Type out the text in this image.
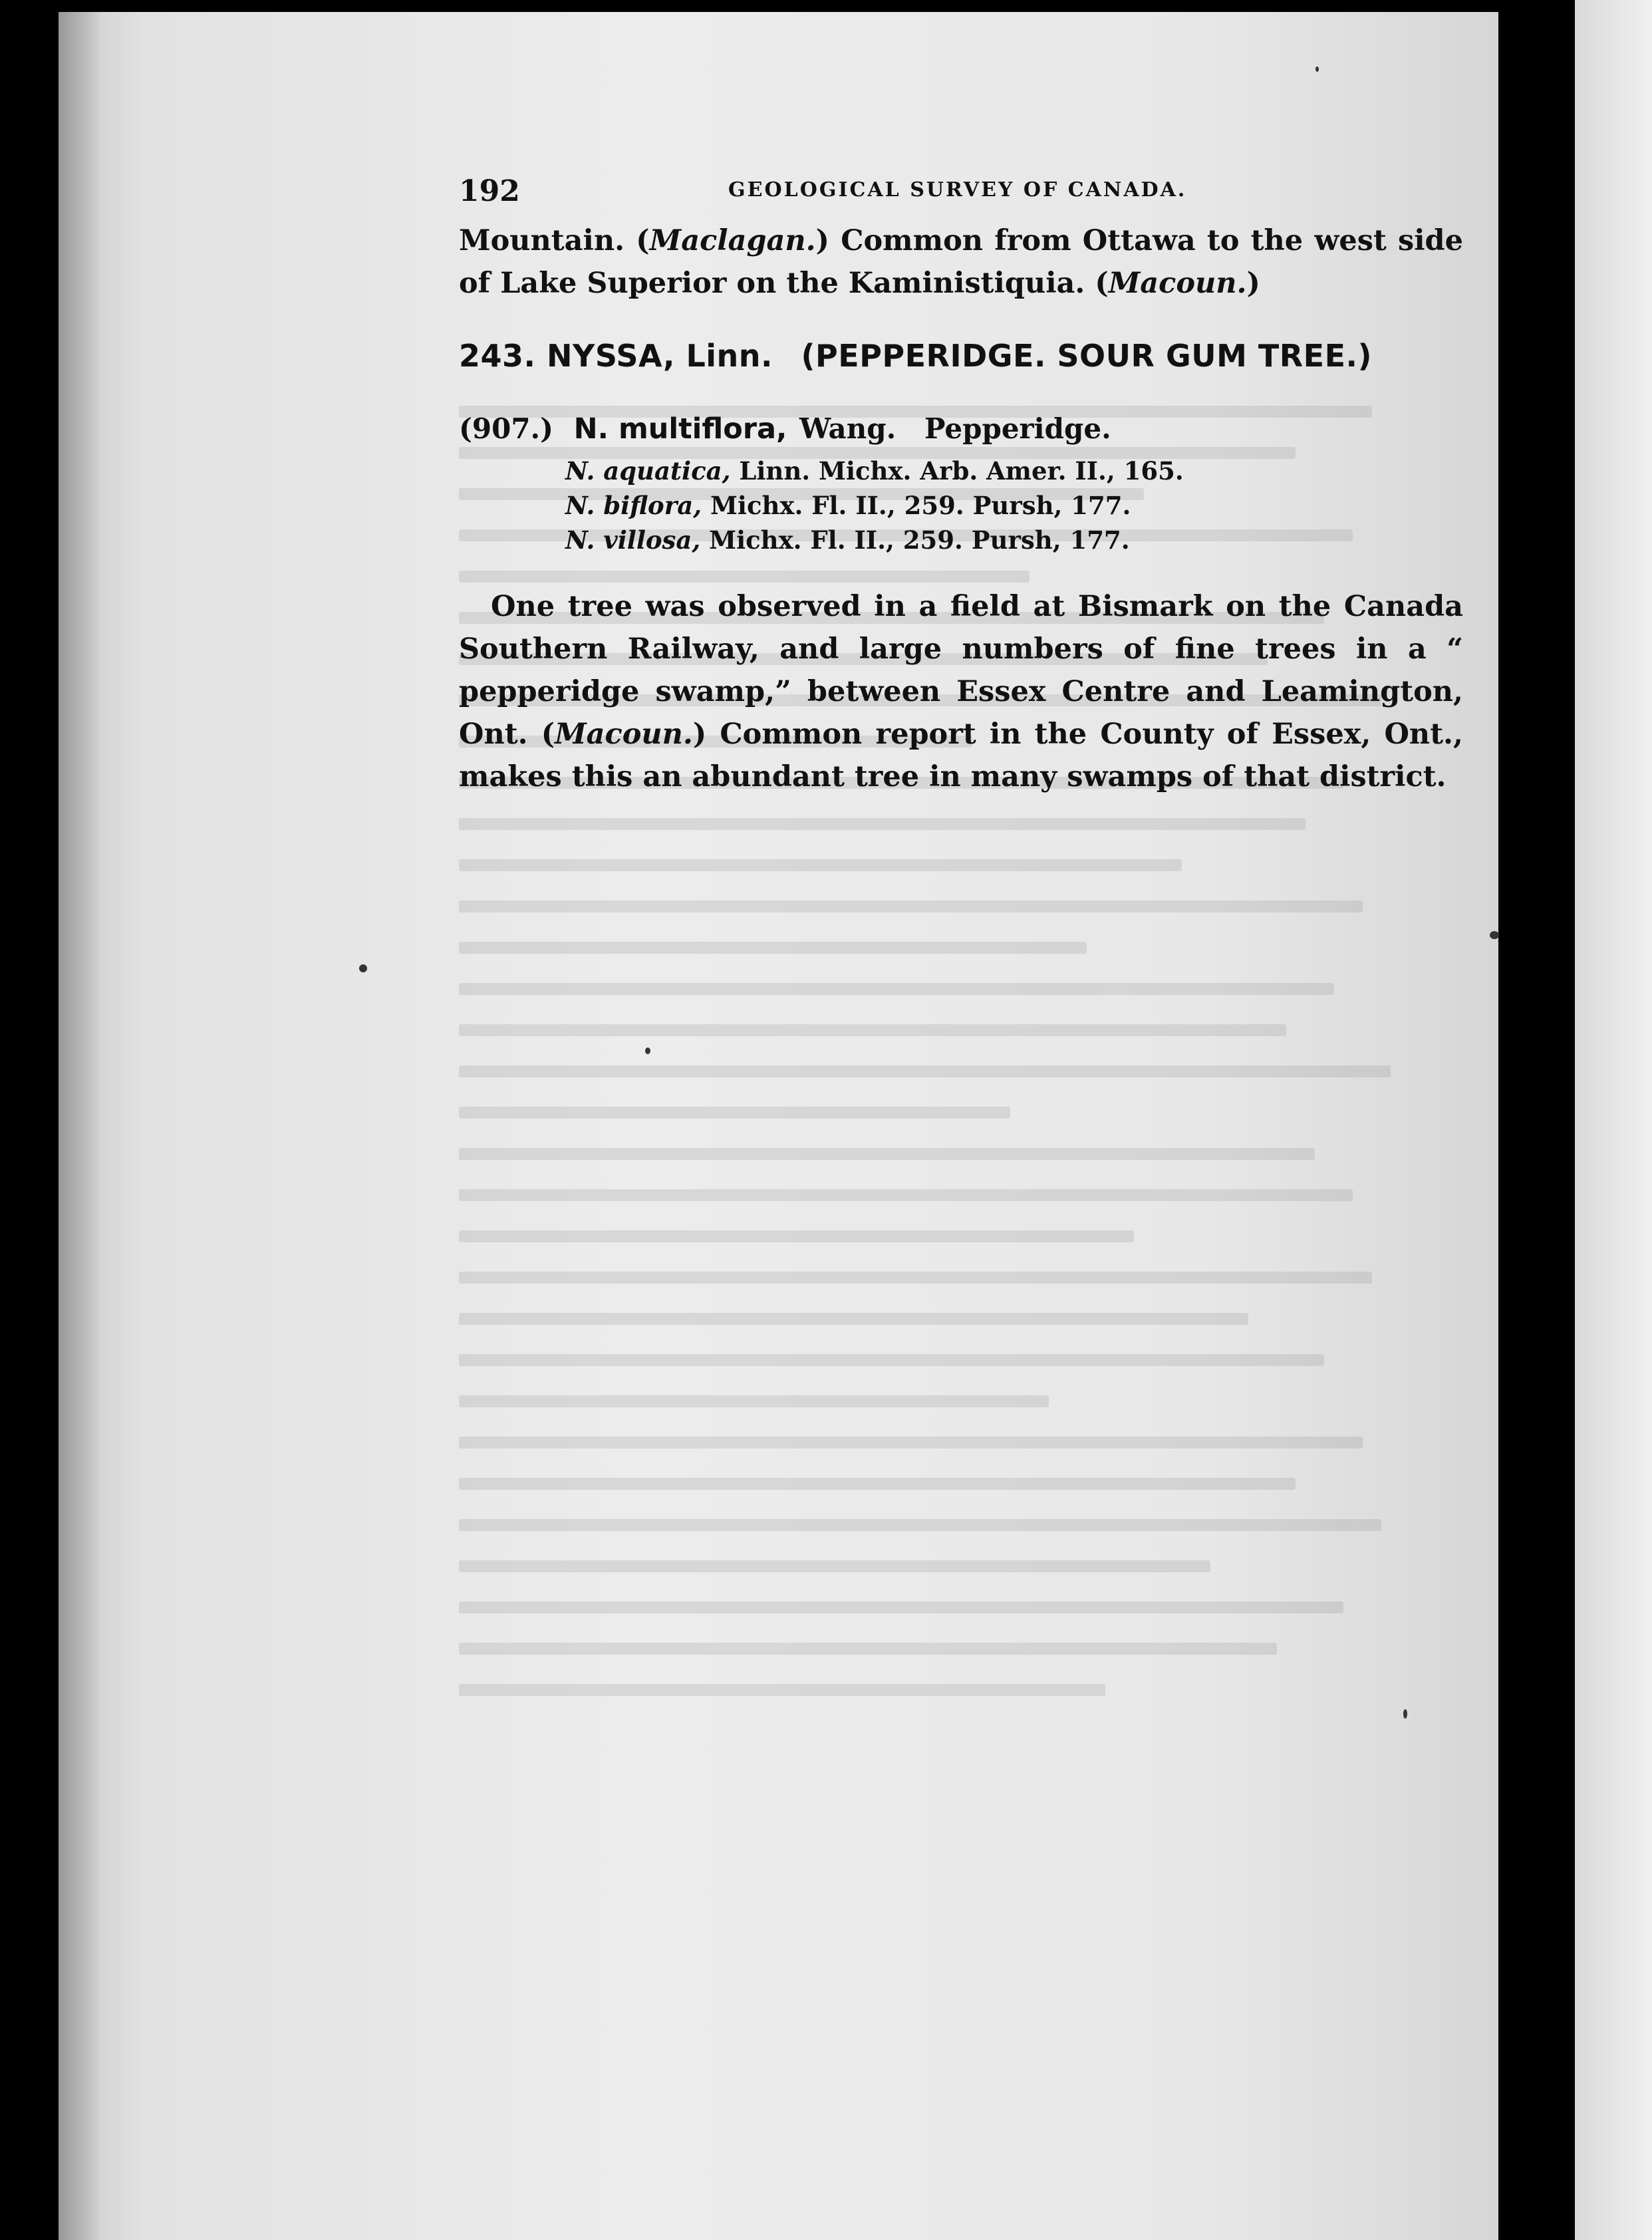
192	GEOLOGICAL SURVEY OF CANADA.
Mountain. (Maclagan.) Common from Ottawa to the west side of Lake Superior on the Kaministiquia. (Macoun.)
243. NYSSA, Linn. (PEPPERIDGE. SOUR GUM TREE.)
(907.) N. multiflora, Wang. Pepperidge.
N. aquatica, Linn. Michx. Arb. Amer. II., 165.
N. biflora, Michx. Fl. II., 259. Pursh, 177.
N. villosa, Michx. Fl. II., 259. Pursh, 177.
One tree was observed in a field at Bismark on the Canada Southern Railway, and large numbers of fine trees in a “ pepperidge swamp,” between Essex Centre and Leamington, Ont. (Macoun.) Common report in the County of Essex, Ont., makes this an abundant tree in many swamps of that district.
